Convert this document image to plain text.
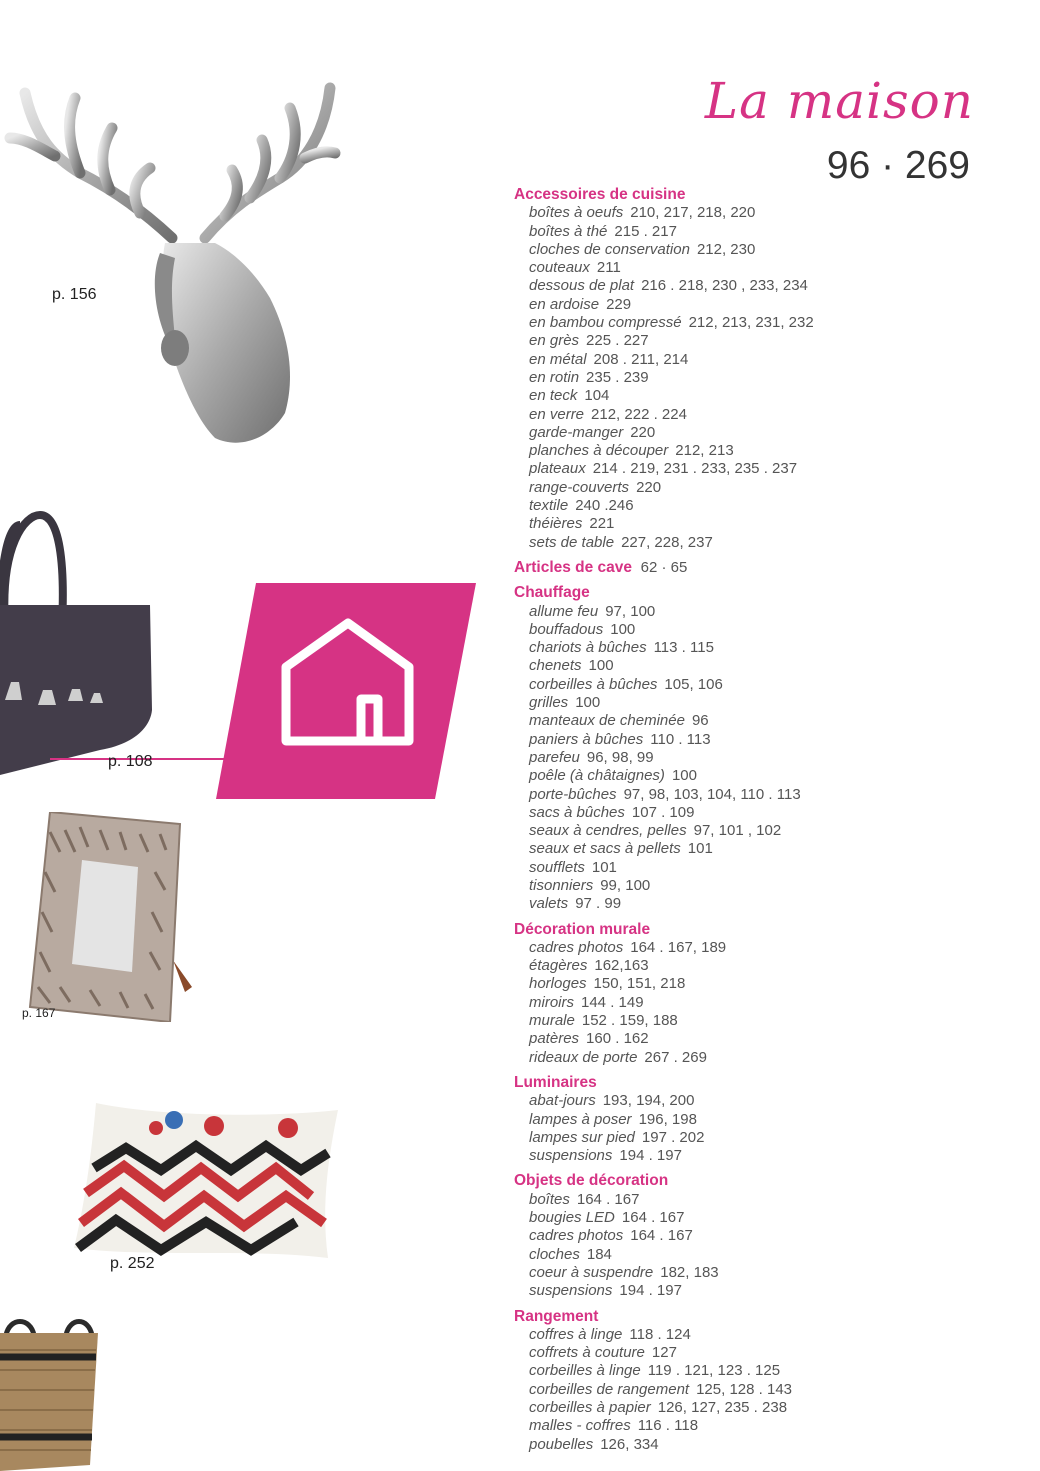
La maison
96 · 269
p. 156
p. 108
p. 167
p. 252
Accessoires de cuisine
boîtes à oeufs 210, 217, 218, 220
boîtes à thé 215 . 217
cloches de conservation 212, 230
couteaux 211
dessous de plat 216 . 218, 230 , 233, 234
en ardoise 229
en bambou compressé 212, 213, 231, 232
en grès 225 . 227
en métal 208 . 211, 214
en rotin 235 . 239
en teck 104
en verre 212, 222 . 224
garde-manger 220
planches à découper 212, 213
plateaux 214 . 219, 231 . 233, 235 . 237
range-couverts 220
textile 240 .246
théières 221
sets de table 227, 228, 237
Articles de cave 62 · 65
Chauffage
allume feu 97, 100
bouffadous 100
chariots à bûches 113 . 115
chenets 100
corbeilles à bûches 105, 106
grilles 100
manteaux de cheminée 96
paniers à bûches 110 . 113
parefeu 96, 98, 99
poêle (à châtaignes) 100
porte-bûches 97, 98, 103, 104, 110 . 113
sacs à bûches 107 . 109
seaux à cendres, pelles 97, 101 , 102
seaux et sacs à pellets 101
soufflets 101
tisonniers 99, 100
valets 97 . 99
Décoration murale
cadres photos 164 . 167, 189
étagères 162,163
horloges 150, 151, 218
miroirs 144 . 149
murale 152 . 159, 188
patères 160 . 162
rideaux de porte 267 . 269
Luminaires
abat-jours 193, 194, 200
lampes à poser 196, 198
lampes sur pied 197 . 202
suspensions 194 . 197
Objets de décoration
boîtes 164 . 167
bougies LED 164 . 167
cadres photos 164 . 167
cloches 184
coeur à suspendre 182, 183
suspensions 194 . 197
Rangement
coffres à linge 118 . 124
coffrets à couture 127
corbeilles à linge 119 . 121, 123 . 125
corbeilles de rangement 125, 128 . 143
corbeilles à papier 126, 127, 235 . 238
malles - coffres 116 . 118
poubelles 126, 334
